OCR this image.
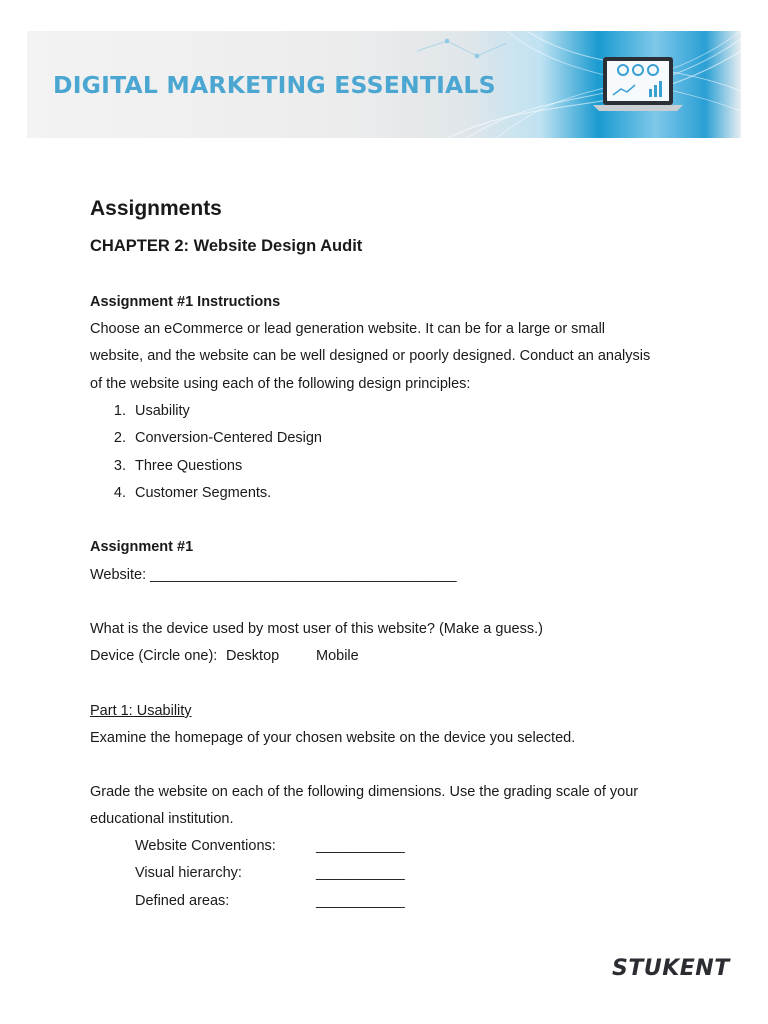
DIGITAL MARKETING ESSENTIALS
Assignments
CHAPTER 2: Website Design Audit
Assignment #1 Instructions
Choose an eCommerce or lead generation website. It can be for a large or small
website, and the website can be well designed or poorly designed. Conduct an analysis
of the website using each of the following design principles:
1. Usability
2. Conversion-Centered Design
3. Three Questions
4. Customer Segments.
Assignment #1
Website: ______________________________________
What is the device used by most user of this website? (Make a guess.)
Device (Circle one): Desktop	Mobile
Part 1: Usability
Examine the homepage of your chosen website on the device you selected.
Grade the website on each of the following dimensions. Use the grading scale of your
educational institution.
Website Conventions:	___________
Visual hierarchy:	___________
Defined areas:	___________
STUKENT
